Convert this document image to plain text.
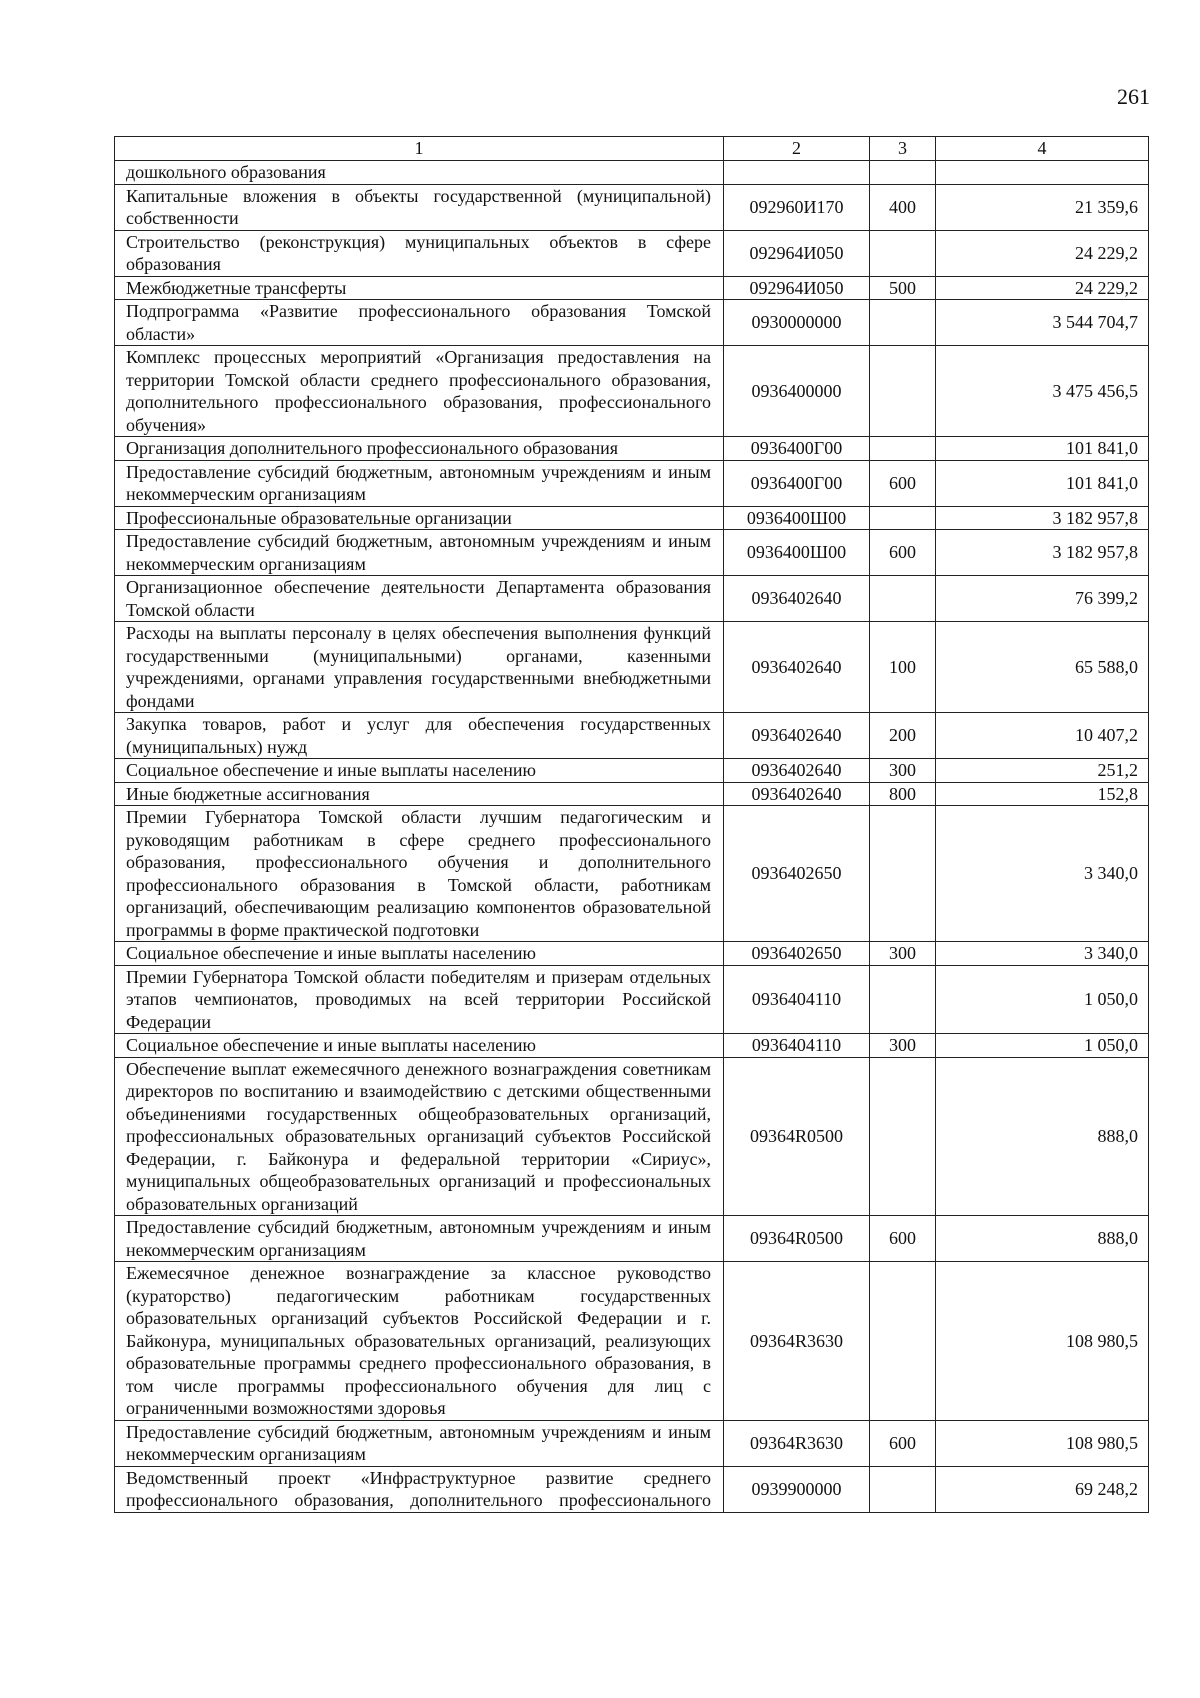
261
1	2	3	4
дошкольного образования			
Капитальные вложения в объекты государственной (муниципальной) собственности	092960И170	400	21 359,6
Строительство (реконструкция) муниципальных объектов в сфере образования	092964И050		24 229,2
Межбюджетные трансферты	092964И050	500	24 229,2
Подпрограмма «Развитие профессионального образования Томской области»	0930000000		3 544 704,7
Комплекс процессных мероприятий «Организация предоставления на территории Томской области среднего профессионального образования, дополнительного профессионального образования, профессионального обучения»	0936400000		3 475 456,5
Организация дополнительного профессионального образования	0936400Г00		101 841,0
Предоставление субсидий бюджетным, автономным учреждениям и иным некоммерческим организациям	0936400Г00	600	101 841,0
Профессиональные образовательные организации	0936400Ш00		3 182 957,8
Предоставление субсидий бюджетным, автономным учреждениям и иным некоммерческим организациям	0936400Ш00	600	3 182 957,8
Организационное обеспечение деятельности Департамента образования Томской области	0936402640		76 399,2
Расходы на выплаты персоналу в целях обеспечения выполнения функций государственными (муниципальными) органами, казенными учреждениями, органами управления государственными внебюджетными фондами	0936402640	100	65 588,0
Закупка товаров, работ и услуг для обеспечения государственных (муниципальных) нужд	0936402640	200	10 407,2
Социальное обеспечение и иные выплаты населению	0936402640	300	251,2
Иные бюджетные ассигнования	0936402640	800	152,8
Премии Губернатора Томской области лучшим педагогическим и руководящим работникам в сфере среднего профессионального образования, профессионального обучения и дополнительного профессионального образования в Томской области, работникам организаций, обеспечивающим реализацию компонентов образовательной программы в форме практической подготовки	0936402650		3 340,0
Социальное обеспечение и иные выплаты населению	0936402650	300	3 340,0
Премии Губернатора Томской области победителям и призерам отдельных этапов чемпионатов, проводимых на всей территории Российской Федерации	0936404110		1 050,0
Социальное обеспечение и иные выплаты населению	0936404110	300	1 050,0
Обеспечение выплат ежемесячного денежного вознаграждения советникам директоров по воспитанию и взаимодействию с детскими общественными объединениями государственных общеобразовательных организаций, профессиональных образовательных организаций субъектов Российской Федерации, г. Байконура и федеральной территории «Сириус», муниципальных общеобразовательных организаций и профессиональных образовательных организаций	09364R0500		888,0
Предоставление субсидий бюджетным, автономным учреждениям и иным некоммерческим организациям	09364R0500	600	888,0
Ежемесячное денежное вознаграждение за классное руководство (кураторство) педагогическим работникам государственных образовательных организаций субъектов Российской Федерации и г. Байконура, муниципальных образовательных организаций, реализующих образовательные программы среднего профессионального образования, в том числе программы профессионального обучения для лиц с ограниченными возможностями здоровья	09364R3630		108 980,5
Предоставление субсидий бюджетным, автономным учреждениям и иным некоммерческим организациям	09364R3630	600	108 980,5
Ведомственный проект «Инфраструктурное развитие среднего профессионального образования, дополнительного профессионального	0939900000		69 248,2
